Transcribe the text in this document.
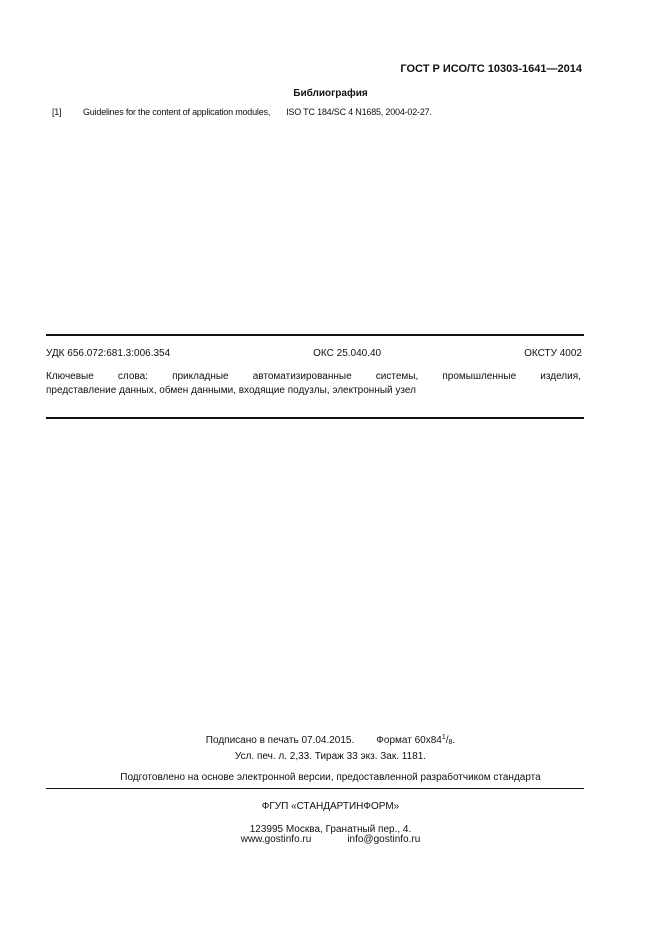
ГОСТ Р ИСО/ТС 10303-1641—2014
Библиография
[1] Guidelines for the content of application modules, ISO TC 184/SC 4 N1685, 2004-02-27.
УДК 656.072:681.3:006.354	ОКС 25.040.40	ОКСТУ 4002
Ключевые слова: прикладные автоматизированные системы, промышленные изделия,
представление данных, обмен данными, входящие подузлы, электронный узел
Подписано в печать 07.04.2015. Формат $60х84^1/_8$.
Усл. печ. л. 2,33. Тираж 33 экз. Зак. 1181.
Подготовлено на основе электронной версии, предоставленной разработчиком стандарта
ФГУП «СТАНДАРТИНФОРМ»
123995 Москва, Гранатный пер., 4.
www.gostinfo.ru	info@gostinfo.ru
